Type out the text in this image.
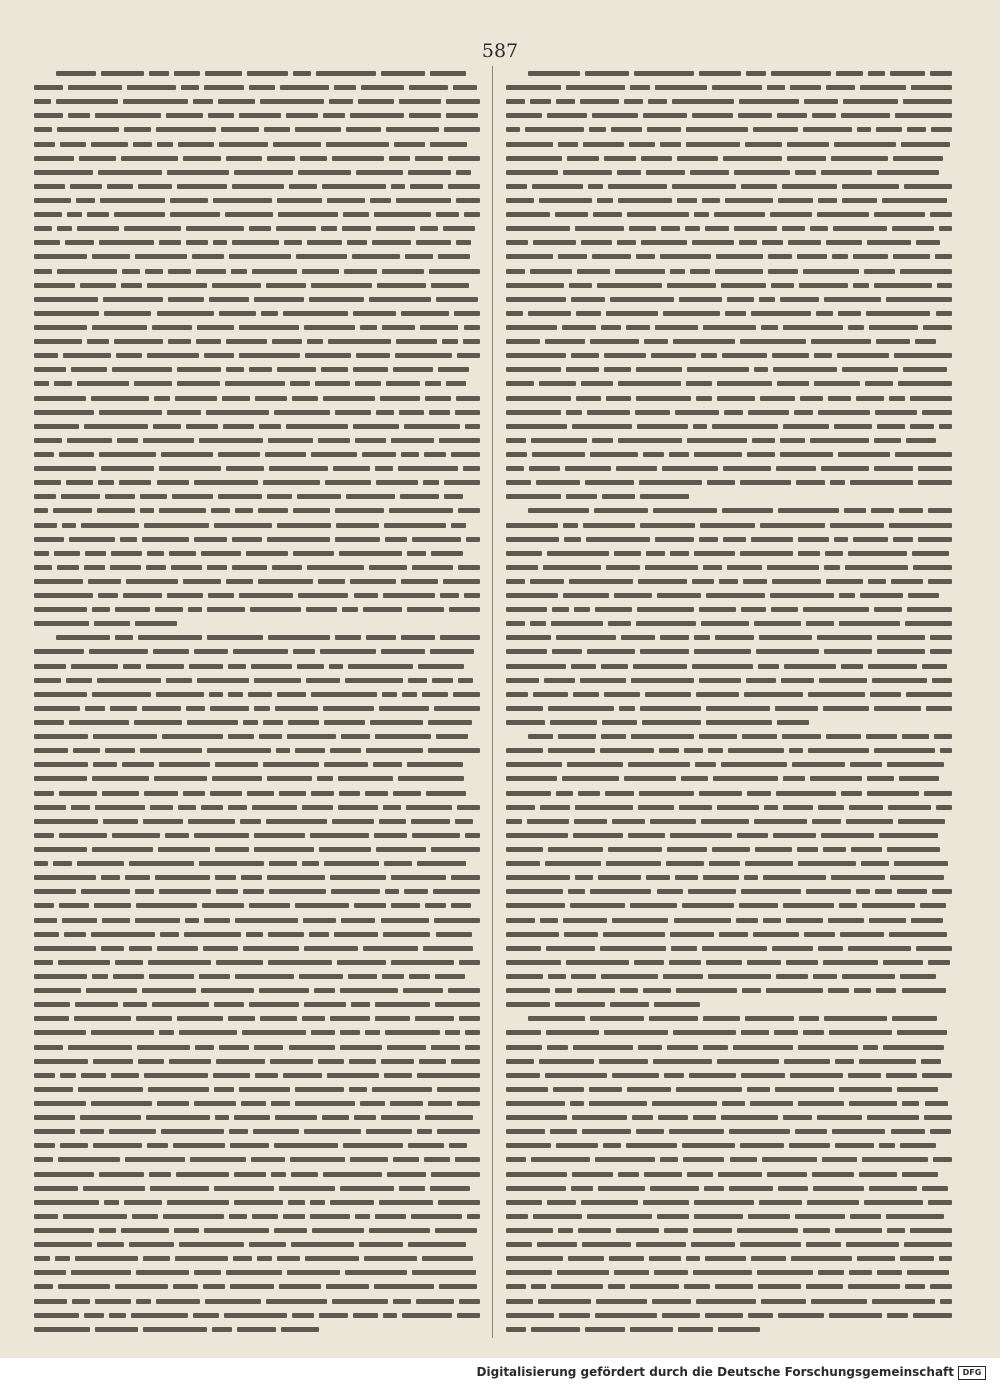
587
Digitalisierung gefördert durch die Deutsche Forschungsgemeinschaft	DFG
